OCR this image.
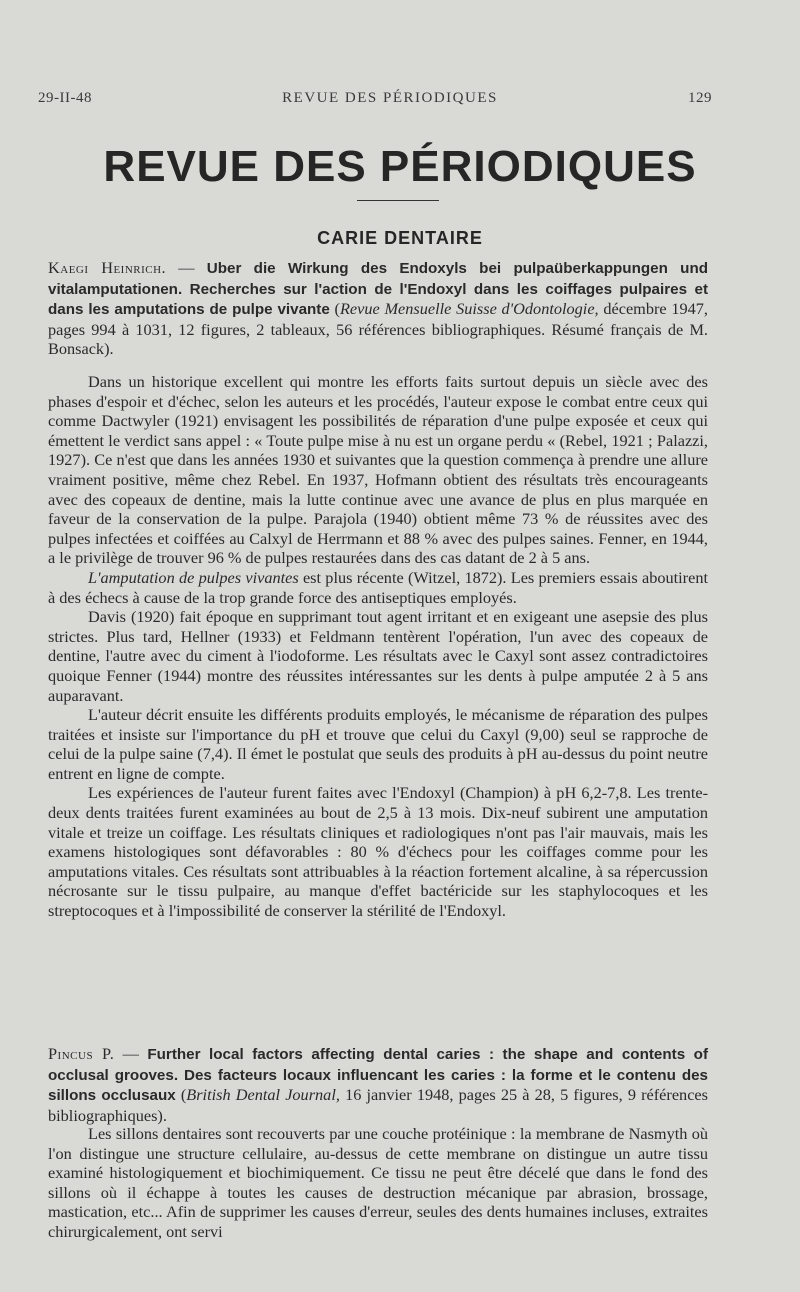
29-II-48	REVUE DES PÉRIODIQUES	129
REVUE DES PÉRIODIQUES
CARIE DENTAIRE

Kaegi Heinrich. — Uber die Wirkung des Endoxyls bei pulpaüberkappungen und vitalamputationen. Recherches sur l'action de l'Endoxyl dans les coiffages pulpaires et dans les amputations de pulpe vivante (Revue Mensuelle Suisse d'Odontologie, décembre 1947, pages 994 à 1031, 12 figures, 2 tableaux, 56 références bibliographiques. Résumé français de M. Bonsack).

Dans un historique excellent qui montre les efforts faits surtout depuis un siècle avec des phases d'espoir et d'échec, selon les auteurs et les procédés, l'auteur expose le combat entre ceux qui comme Dactwyler (1921) envisagent les possibilités de réparation d'une pulpe exposée et ceux qui émettent le verdict sans appel : « Toute pulpe mise à nu est un organe perdu « (Rebel, 1921 ; Palazzi, 1927). Ce n'est que dans les années 1930 et suivantes que la question commença à prendre une allure vraiment positive, même chez Rebel. En 1937, Hofmann obtient des résultats très encourageants avec des copeaux de dentine, mais la lutte continue avec une avance de plus en plus marquée en faveur de la conservation de la pulpe. Parajola (1940) obtient même 73 % de réussites avec des pulpes infectées et coiffées au Calxyl de Herrmann et 88 % avec des pulpes saines. Fenner, en 1944, a le privilège de trouver 96 % de pulpes restaurées dans des cas datant de 2 à 5 ans.

L'amputation de pulpes vivantes est plus récente (Witzel, 1872). Les premiers essais aboutirent à des échecs à cause de la trop grande force des antiseptiques employés.

Davis (1920) fait époque en supprimant tout agent irritant et en exigeant une asepsie des plus strictes. Plus tard, Hellner (1933) et Feldmann tentèrent l'opération, l'un avec des copeaux de dentine, l'autre avec du ciment à l'iodoforme. Les résultats avec le Caxyl sont assez contradictoires quoique Fenner (1944) montre des réussites intéressantes sur les dents à pulpe amputée 2 à 5 ans auparavant.

L'auteur décrit ensuite les différents produits employés, le mécanisme de réparation des pulpes traitées et insiste sur l'importance du pH et trouve que celui du Caxyl (9,00) seul se rapproche de celui de la pulpe saine (7,4). Il émet le postulat que seuls des produits à pH au-dessus du point neutre entrent en ligne de compte.

Les expériences de l'auteur furent faites avec l'Endoxyl (Champion) à pH 6,2-7,8. Les trente-deux dents traitées furent examinées au bout de 2,5 à 13 mois. Dix-neuf subirent une amputation vitale et treize un coiffage. Les résultats cliniques et radiologiques n'ont pas l'air mauvais, mais les examens histologiques sont défavorables : 80 % d'échecs pour les coiffages comme pour les amputations vitales. Ces résultats sont attribuables à la réaction fortement alcaline, à sa répercussion nécrosante sur le tissu pulpaire, au manque d'effet bactéricide sur les staphylocoques et les streptocoques et à l'impossibilité de conserver la stérilité de l'Endoxyl.

Pincus P. — Further local factors affecting dental caries : the shape and contents of occlusal grooves. Des facteurs locaux influencant les caries : la forme et le contenu des sillons occlusaux (British Dental Journal, 16 janvier 1948, pages 25 à 28, 5 figures, 9 références bibliographiques).

Les sillons dentaires sont recouverts par une couche protéinique : la membrane de Nasmyth où l'on distingue une structure cellulaire, au-dessus de cette membrane on distingue un autre tissu examiné histologiquement et biochimiquement. Ce tissu ne peut être décelé que dans le fond des sillons où il échappe à toutes les causes de destruction mécanique par abrasion, brossage, mastication, etc... Afin de supprimer les causes d'erreur, seules des dents humaines incluses, extraites chirurgicalement, ont servi
